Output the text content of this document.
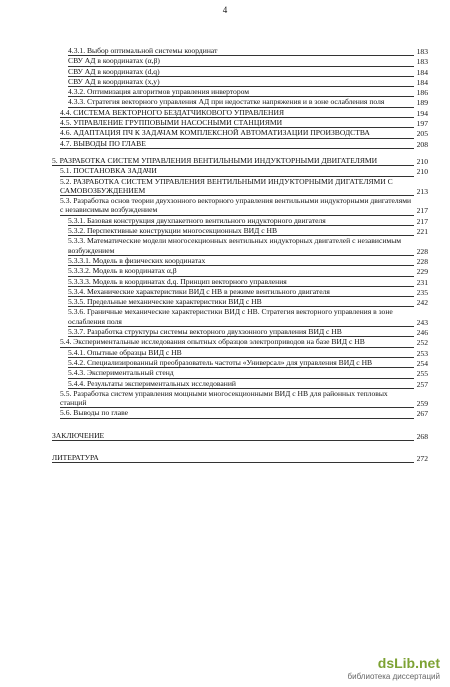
4
4.3.1. Выбор оптимальной системы координат	183
СВУ АД в координатах (α,β)	183
СВУ АД в координатах (d,q)	184
СВУ АД в координатах (x,y)	184
4.3.2. Оптимизация алгоритмов управления инвертором	186
4.3.3. Стратегия векторного управления АД при недостатке напряжения и в зоне ослабления поля	189
4.4. СИСТЕМА ВЕКТОРНОГО БЕЗДАТЧИКОВОГО УПРАВЛЕНИЯ	194
4.5. УПРАВЛЕНИЕ ГРУППОВЫМИ НАСОСНЫМИ СТАНЦИЯМИ	197
4.6. АДАПТАЦИЯ ПЧ К ЗАДАЧАМ КОМПЛЕКСНОЙ АВТОМАТИЗАЦИИ ПРОИЗВОДСТВА	205
4.7. ВЫВОДЫ ПО ГЛАВЕ	208
5. РАЗРАБОТКА СИСТЕМ УПРАВЛЕНИЯ ВЕНТИЛЬНЫМИ ИНДУКТОРНЫМИ ДВИГАТЕЛЯМИ	210
5.1. ПОСТАНОВКА ЗАДАЧИ	210
5.2. РАЗРАБОТКА СИСТЕМ УПРАВЛЕНИЯ ВЕНТИЛЬНЫМИ ИНДУКТОРНЫМИ ДИГАТЕЛЯМИ С САМОВОЗБУЖДЕНИЕМ	213
5.3. Разработка основ теории двухзонного векторного управления вентильными индукторными двигателями с независимым возбуждением	217
5.3.1. Базовая конструкция двухпакетного вентильного индукторного двигателя	217
5.3.2. Перспективные конструкции многосекционных ВИД с НВ	221
5.3.3. Математические модели многосекционных вентильных индукторных двигателей с независимым возбуждением	228
5.3.3.1. Модель в физических координатах	228
5.3.3.2. Модель в координатах α,β	229
5.3.3.3. Модель в координатах d,q. Принцип векторного управления	231
5.3.4. Механические характеристики ВИД с НВ в режиме вентильного двигателя	235
5.3.5. Предельные механические характеристики ВИД с НВ	242
5.3.6. Граничные механические характеристики ВИД с НВ. Стратегия векторного управления в зоне ослабления поля	243
5.3.7. Разработка структуры системы векторного двухзонного управления ВИД с НВ	246
5.4. Экспериментальные исследования опытных образцов электроприводов на базе ВИД с НВ	252
5.4.1. Опытные образцы ВИД с НВ	253
5.4.2. Специализированный преобразователь частоты «Универсал» для управления ВИД с НВ	254
5.4.3. Экспериментальный стенд	255
5.4.4. Результаты экспериментальных исследований	257
5.5. Разработка систем управления мощными многосекционными ВИД с НВ для районных тепловых станций	259
5.6. Выводы по главе	267
ЗАКЛЮЧЕНИЕ	268
ЛИТЕРАТУРА	272
dsLib.net
библиотека диссертаций
